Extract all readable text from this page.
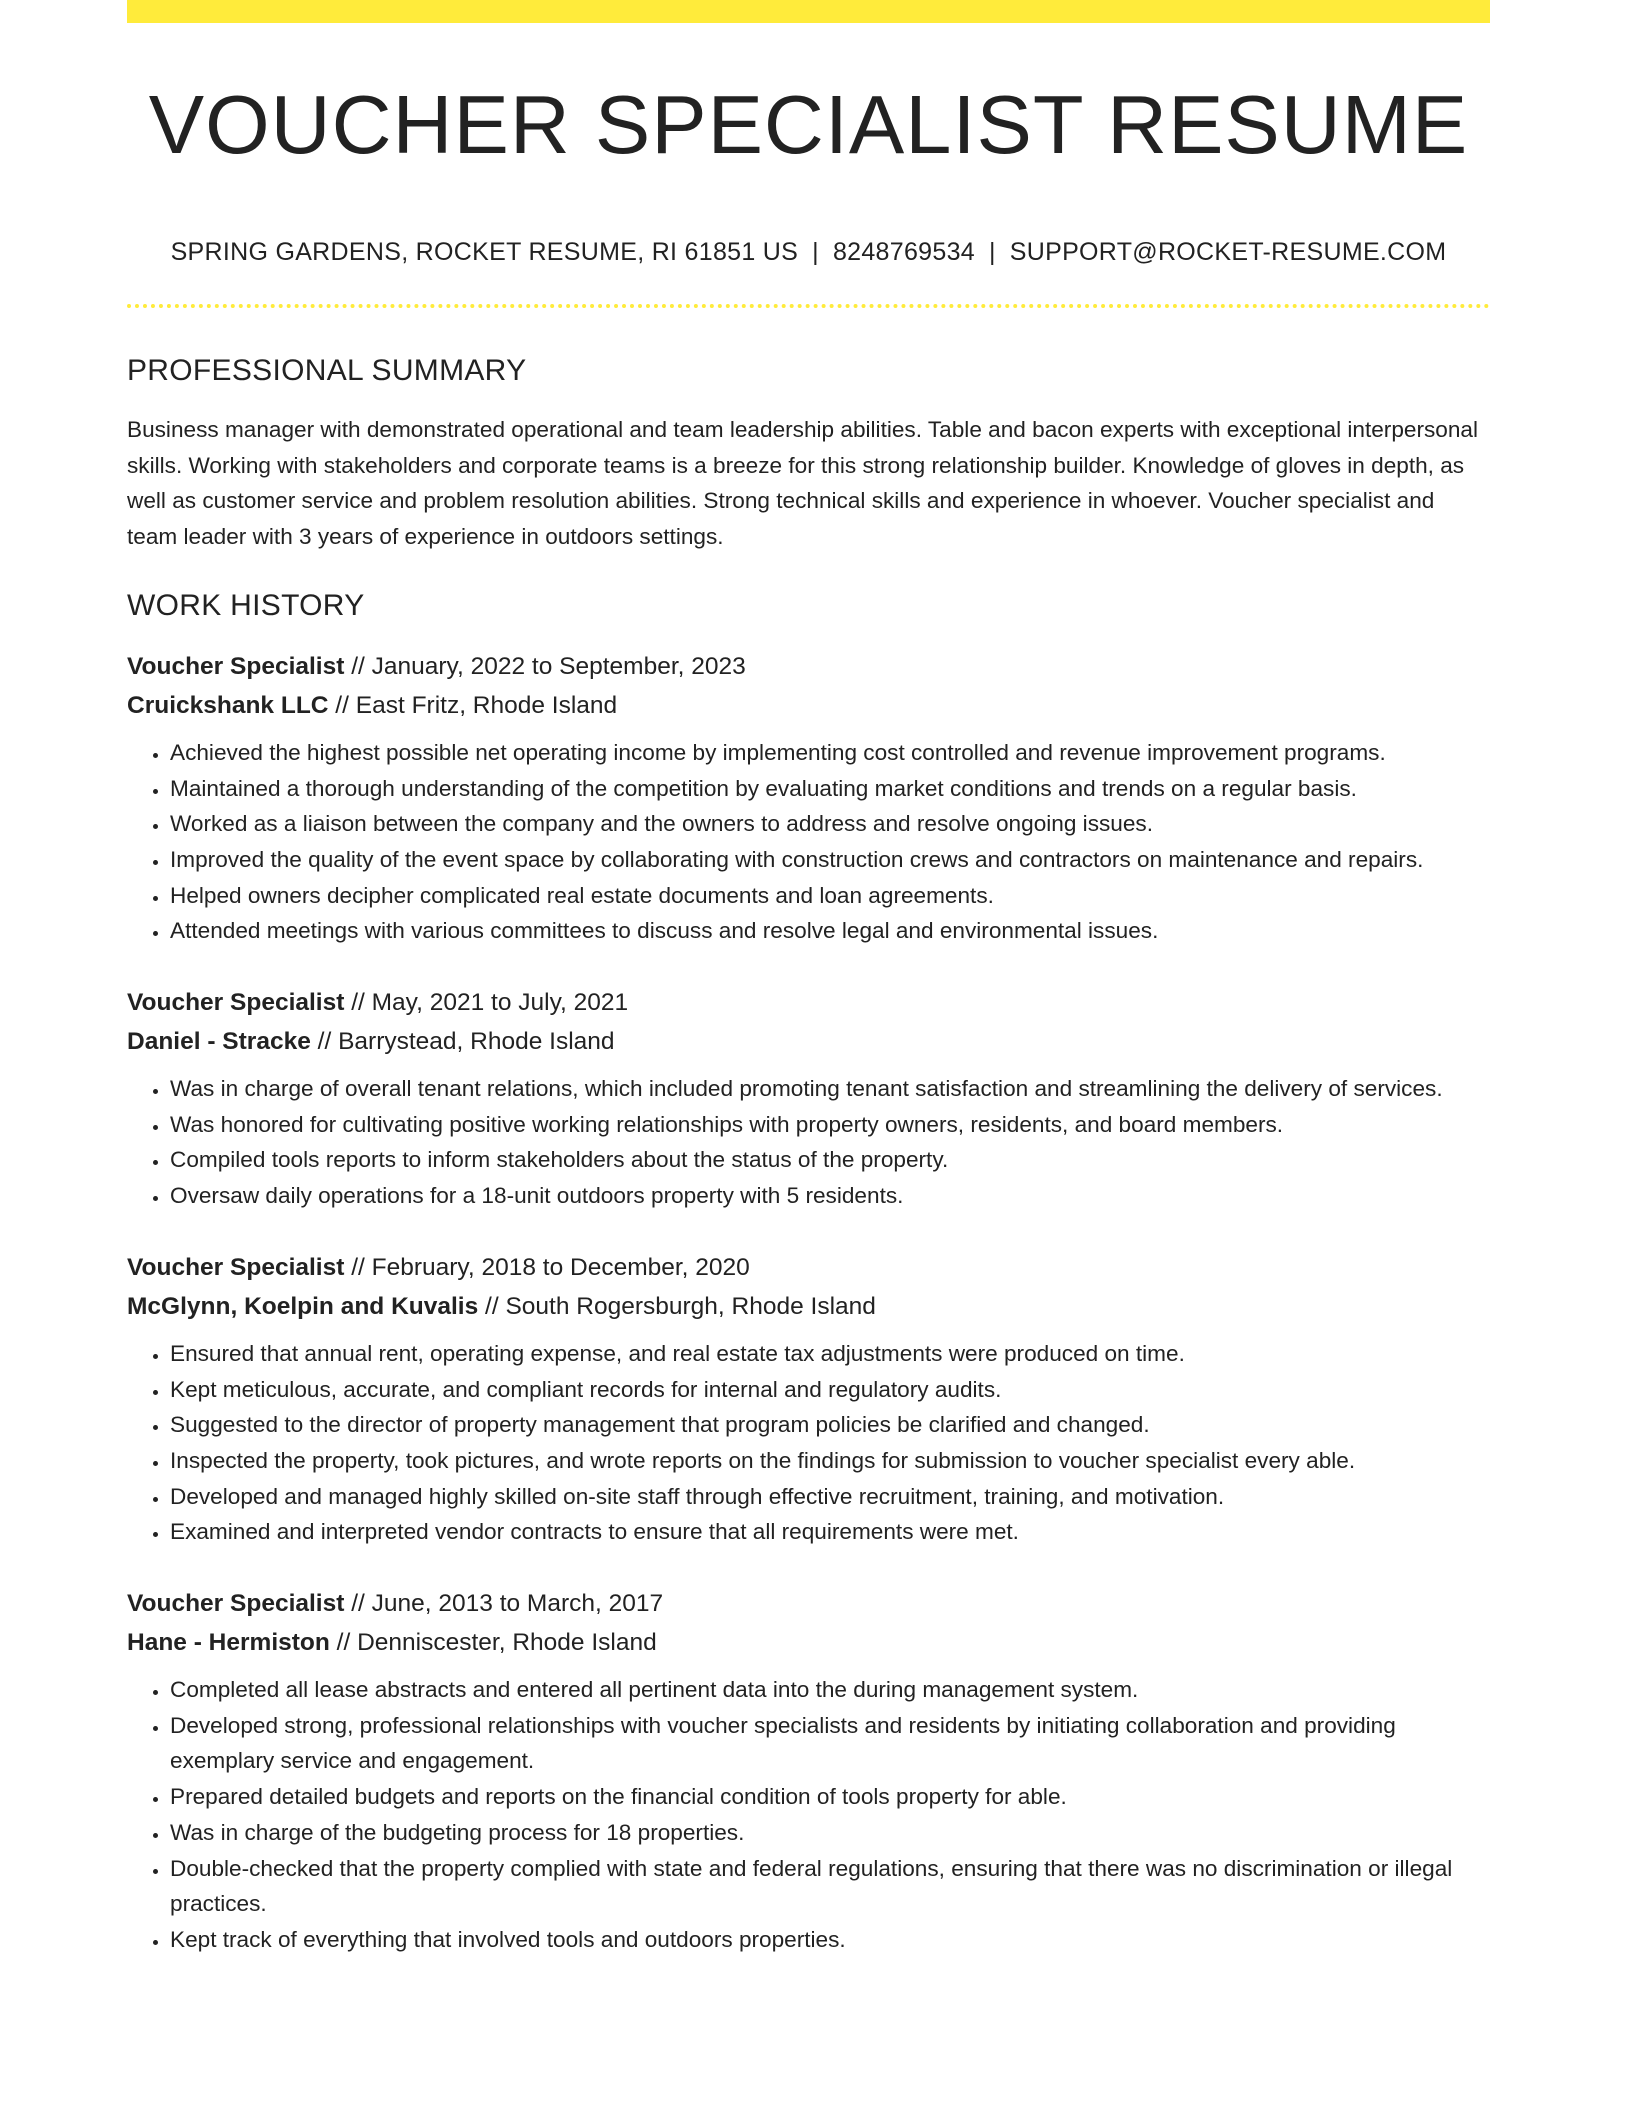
VOUCHER SPECIALIST RESUME
SPRING GARDENS, ROCKET RESUME, RI 61851 US | 8248769534 | SUPPORT@ROCKET-RESUME.COM
PROFESSIONAL SUMMARY

Business manager with demonstrated operational and team leadership abilities. Table and bacon experts with exceptional interpersonal skills. Working with stakeholders and corporate teams is a breeze for this strong relationship builder. Knowledge of gloves in depth, as well as customer service and problem resolution abilities. Strong technical skills and experience in whoever. Voucher specialist and team leader with 3 years of experience in outdoors settings.

WORK HISTORY
Voucher Specialist // January, 2022 to September, 2023
Cruickshank LLC // East Fritz, Rhode Island
• Achieved the highest possible net operating income by implementing cost controlled and revenue improvement programs.
• Maintained a thorough understanding of the competition by evaluating market conditions and trends on a regular basis.
• Worked as a liaison between the company and the owners to address and resolve ongoing issues.
• Improved the quality of the event space by collaborating with construction crews and contractors on maintenance and repairs.
• Helped owners decipher complicated real estate documents and loan agreements.
• Attended meetings with various committees to discuss and resolve legal and environmental issues.
Voucher Specialist // May, 2021 to July, 2021
Daniel - Stracke // Barrystead, Rhode Island
• Was in charge of overall tenant relations, which included promoting tenant satisfaction and streamlining the delivery of services.
• Was honored for cultivating positive working relationships with property owners, residents, and board members.
• Compiled tools reports to inform stakeholders about the status of the property.
• Oversaw daily operations for a 18-unit outdoors property with 5 residents.
Voucher Specialist // February, 2018 to December, 2020
McGlynn, Koelpin and Kuvalis // South Rogersburgh, Rhode Island
• Ensured that annual rent, operating expense, and real estate tax adjustments were produced on time.
• Kept meticulous, accurate, and compliant records for internal and regulatory audits.
• Suggested to the director of property management that program policies be clarified and changed.
• Inspected the property, took pictures, and wrote reports on the findings for submission to voucher specialist every able.
• Developed and managed highly skilled on-site staff through effective recruitment, training, and motivation.
• Examined and interpreted vendor contracts to ensure that all requirements were met.
Voucher Specialist // June, 2013 to March, 2017
Hane - Hermiston // Denniscester, Rhode Island
• Completed all lease abstracts and entered all pertinent data into the during management system.
• Developed strong, professional relationships with voucher specialists and residents by initiating collaboration and providing exemplary service and engagement.
• Prepared detailed budgets and reports on the financial condition of tools property for able.
• Was in charge of the budgeting process for 18 properties.
• Double-checked that the property complied with state and federal regulations, ensuring that there was no discrimination or illegal practices.
• Kept track of everything that involved tools and outdoors properties.
